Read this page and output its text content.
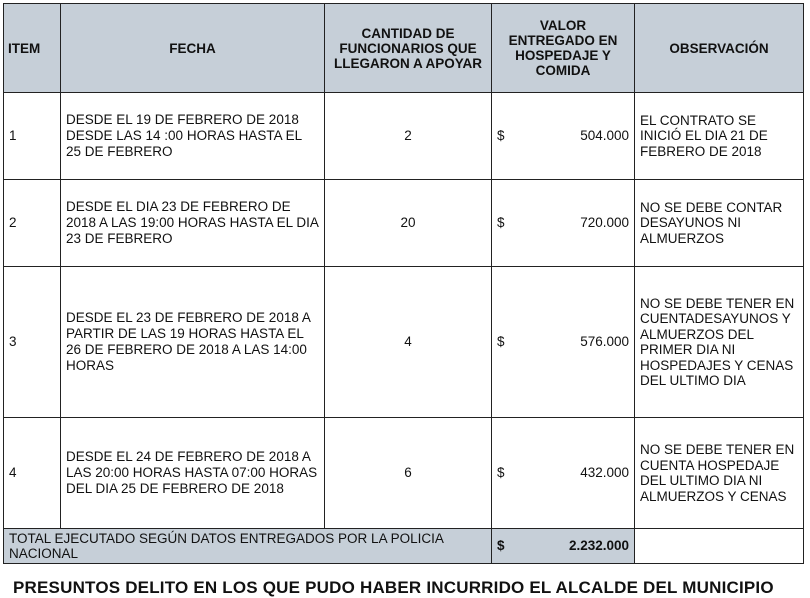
ITEM	FECHA	CANTIDAD DE FUNCIONARIOS QUE LLEGARON A APOYAR	VALOR ENTREGADO EN HOSPEDAJE Y COMIDA	OBSERVACIÓN
1	DESDE EL 19 DE FEBRERO DE 2018 DESDE LAS 14 :00 HORAS HASTA EL 25 DE FEBRERO	2	$ 504.000	EL CONTRATO SE INICIÓ EL DIA 21 DE FEBRERO DE 2018
2	DESDE EL DIA 23 DE FEBRERO DE 2018 A LAS 19:00 HORAS HASTA EL DIA 23 DE FEBRERO	20	$ 720.000	NO SE DEBE CONTAR DESAYUNOS NI ALMUERZOS
3	DESDE EL 23 DE FEBRERO DE 2018 A PARTIR DE LAS 19 HORAS HASTA EL 26 DE FEBRERO DE 2018 A LAS 14:00 HORAS	4	$ 576.000	NO SE DEBE TENER EN CUENTADESAYUNOS Y ALMUERZOS DEL PRIMER DIA NI HOSPEDAJES Y CENAS DEL ULTIMO DIA
4	DESDE EL 24 DE FEBRERO DE 2018 A LAS 20:00 HORAS HASTA 07:00 HORAS DEL DIA 25 DE FEBRERO DE 2018	6	$ 432.000	NO SE DEBE TENER EN CUENTA HOSPEDAJE DEL ULTIMO DIA NI ALMUERZOS Y CENAS
TOTAL EJECUTADO SEGÚN DATOS ENTREGADOS POR LA POLICIA NACIONAL			$ 2.232.000	

PRESUNTOS DELITO EN LOS QUE PUDO HABER INCURRIDO EL ALCALDE DEL MUNICIPIO
